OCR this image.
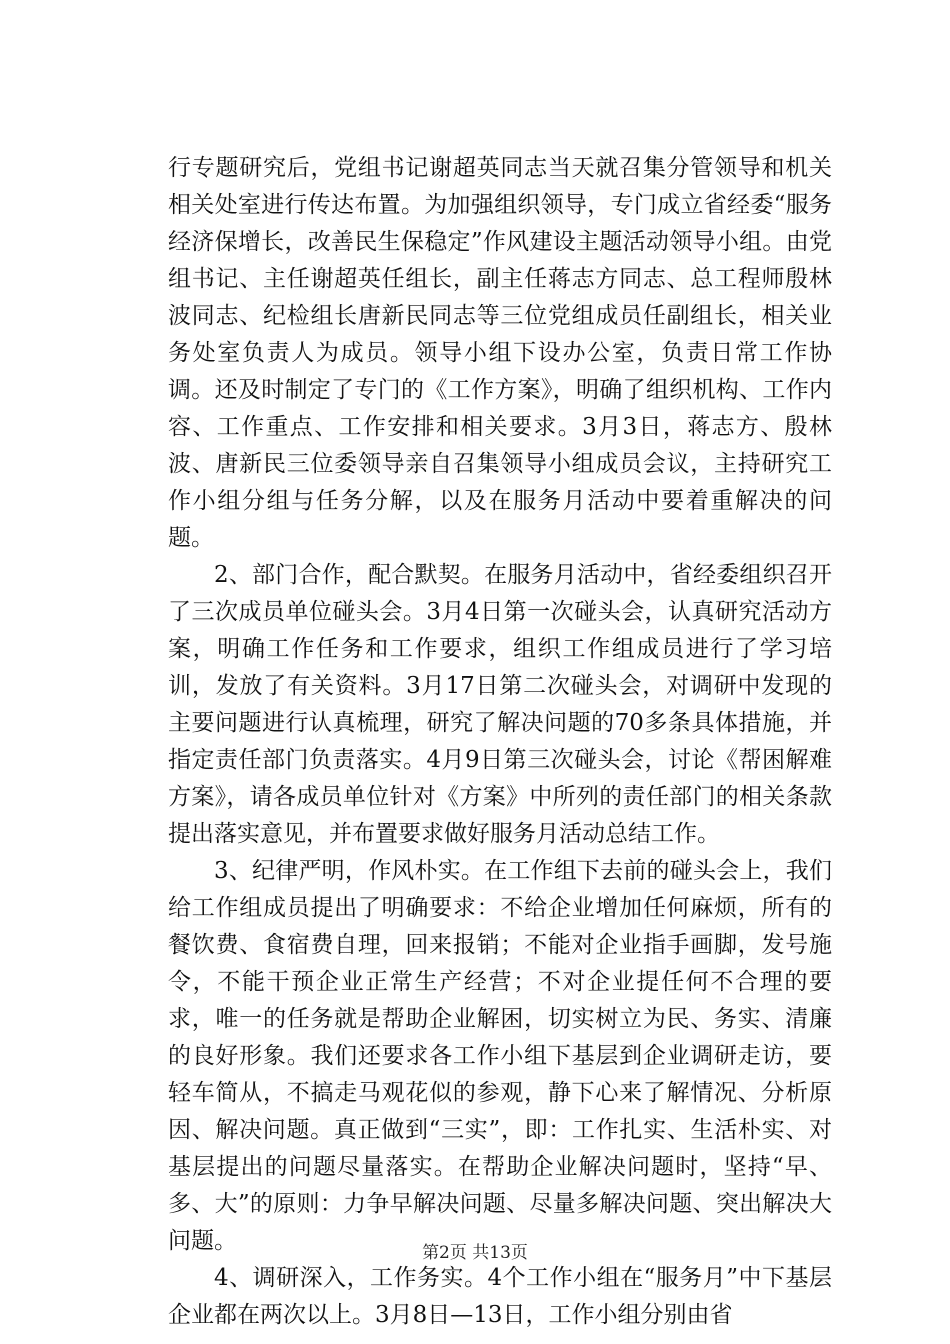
行专题研究后，党组书记谢超英同志当天就召集分管领导和机关相关处室进行传达布置。为加强组织领导，专门成立省经委“服务经济保增长，改善民生保稳定”作风建设主题活动领导小组。由党组书记、主任谢超英任组长，副主任蒋志方同志、总工程师殷林波同志、纪检组长唐新民同志等三位党组成员任副组长，相关业务处室负责人为成员。领导小组下设办公室，负责日常工作协调。还及时制定了专门的《工作方案》，明确了组织机构、工作内容、工作重点、工作安排和相关要求。3月3日，蒋志方、殷林波、唐新民三位委领导亲自召集领导小组成员会议，主持研究工作小组分组与任务分解，以及在服务月活动中要着重解决的问题。

2、部门合作，配合默契。在服务月活动中，省经委组织召开了三次成员单位碰头会。3月4日第一次碰头会，认真研究活动方案，明确工作任务和工作要求，组织工作组成员进行了学习培训，发放了有关资料。3月17日第二次碰头会，对调研中发现的主要问题进行认真梳理，研究了解决问题的70多条具体措施，并指定责任部门负责落实。4月9日第三次碰头会，讨论《帮困解难方案》，请各成员单位针对《方案》中所列的责任部门的相关条款提出落实意见，并布置要求做好服务月活动总结工作。

3、纪律严明，作风朴实。在工作组下去前的碰头会上，我们给工作组成员提出了明确要求：不给企业增加任何麻烦，所有的餐饮费、食宿费自理，回来报销；不能对企业指手画脚，发号施令，不能干预企业正常生产经营；不对企业提任何不合理的要求，唯一的任务就是帮助企业解困，切实树立为民、务实、清廉的良好形象。我们还要求各工作小组下基层到企业调研走访，要轻车简从，不搞走马观花似的参观，静下心来了解情况、分析原因、解决问题。真正做到“三实”，即：工作扎实、生活朴实、对基层提出的问题尽量落实。在帮助企业解决问题时，坚持“早、多、大”的原则：力争早解决问题、尽量多解决问题、突出解决大问题。

4、调研深入，工作务实。4个工作小组在“服务月”中下基层企业都在两次以上。3月8日—13日，工作小组分别由省

第2页 共13页
